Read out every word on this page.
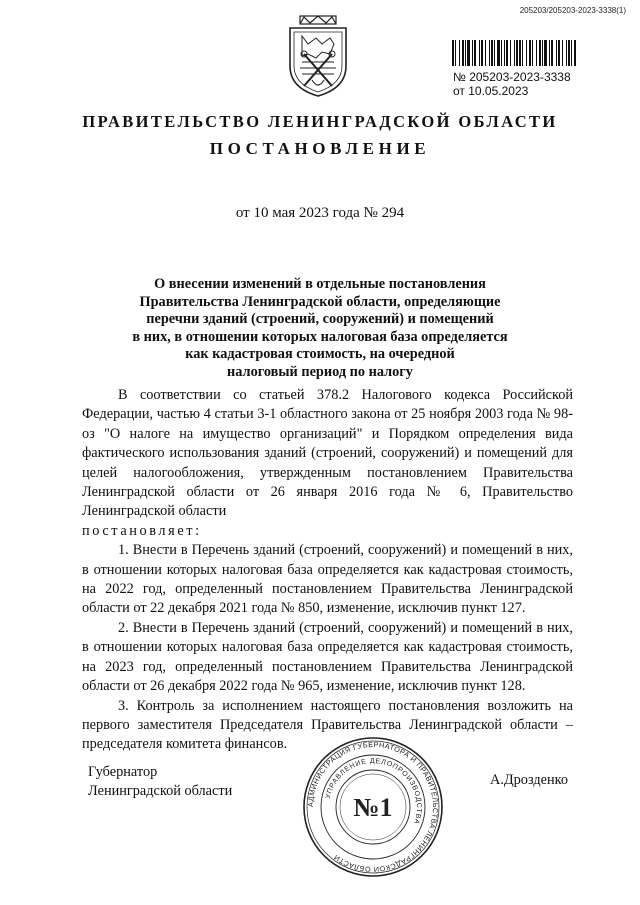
205203/205203-2023-3338(1)
№ 205203-2023-3338
от 10.05.2023
ПРАВИТЕЛЬСТВО ЛЕНИНГРАДСКОЙ ОБЛАСТИ
ПОСТАНОВЛЕНИЕ
от 10 мая 2023 года № 294
О внесении изменений в отдельные постановления
Правительства Ленинградской области, определяющие
перечни зданий (строений, сооружений) и помещений
в них, в отношении которых налоговая база определяется
как кадастровая стоимость, на очередной
налоговый период по налогу

В соответствии со статьей 378.2 Налогового кодекса Российской Федерации, частью 4 статьи 3-1 областного закона от 25 ноября 2003 года № 98-оз "О налоге на имущество организаций" и Порядком определения вида фактического использования зданий (строений, сооружений) и помещений для целей налогообложения, утвержденным постановлением Правительства Ленинградской области от 26 января 2016 года № 6, Правительство Ленинградской области

постановляет:

1. Внести в Перечень зданий (строений, сооружений) и помещений в них, в отношении которых налоговая база определяется как кадастровая стоимость, на 2022 год, определенный постановлением Правительства Ленинградской области от 22 декабря 2021 года № 850, изменение, исключив пункт 127.

2. Внести в Перечень зданий (строений, сооружений) и помещений в них, в отношении которых налоговая база определяется как кадастровая стоимость, на 2023 год, определенный постановлением Правительства Ленинградской области от 26 декабря 2022 года № 965, изменение, исключив пункт 128.

3. Контроль за исполнением настоящего постановления возложить на первого заместителя Председателя Правительства Ленинградской области – председателя комитета финансов.

Губернатор
Ленинградской области
А.Дрозденко
АДМИНИСТРАЦИЯ ГУБЕРНАТОРА И ПРАВИТЕЛЬСТВА ЛЕНИНГРАДСКОЙ ОБЛАСТИ
УПРАВЛЕНИЕ ДЕЛОПРОИЗВОДСТВА
№1
